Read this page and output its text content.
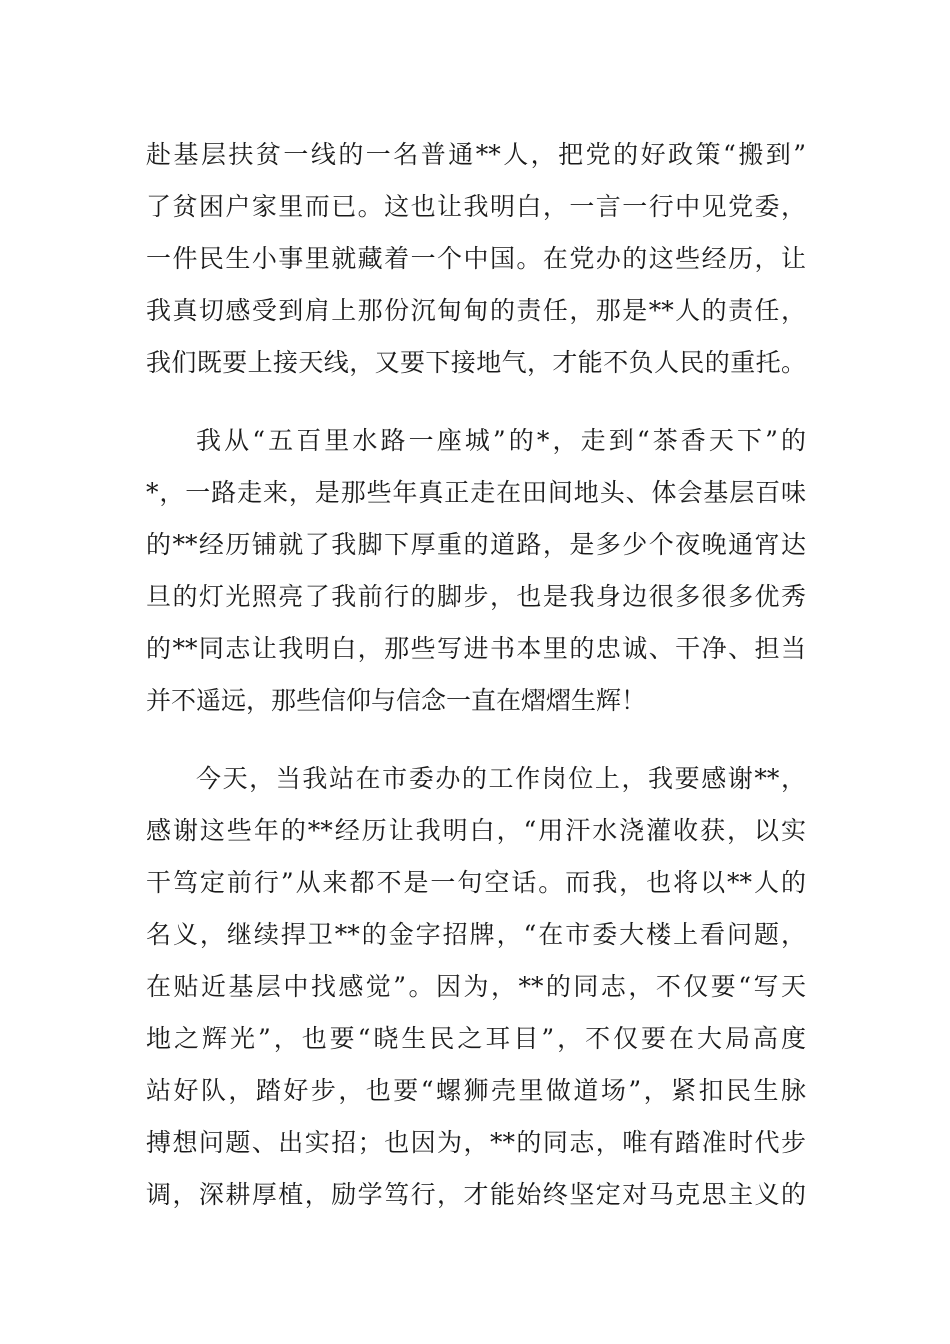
赴基层扶贫一线的一名普通**人，把党的好政策“搬到”
了贫困户家里而已。这也让我明白，一言一行中见党委，
一件民生小事里就藏着一个中国。在党办的这些经历，让
我真切感受到肩上那份沉甸甸的责任，那是**人的责任，
我们既要上接天线，又要下接地气，才能不负人民的重托。
我从“五百里水路一座城”的*，走到“茶香天下”的
*，一路走来，是那些年真正走在田间地头、体会基层百味
的**经历铺就了我脚下厚重的道路，是多少个夜晚通宵达
旦的灯光照亮了我前行的脚步，也是我身边很多很多优秀
的**同志让我明白，那些写进书本里的忠诚、干净、担当
并不遥远，那些信仰与信念一直在熠熠生辉！
今天，当我站在市委办的工作岗位上，我要感谢**，
感谢这些年的**经历让我明白，“用汗水浇灌收获，以实
干笃定前行”从来都不是一句空话。而我，也将以**人的
名义，继续捍卫**的金字招牌，“在市委大楼上看问题，
在贴近基层中找感觉”。因为，**的同志，不仅要“写天
地之辉光”，也要“晓生民之耳目”，不仅要在大局高度
站好队，踏好步，也要“螺狮壳里做道场”，紧扣民生脉
搏想问题、出实招；也因为，**的同志，唯有踏准时代步
调，深耕厚植，励学笃行，才能始终坚定对马克思主义的
